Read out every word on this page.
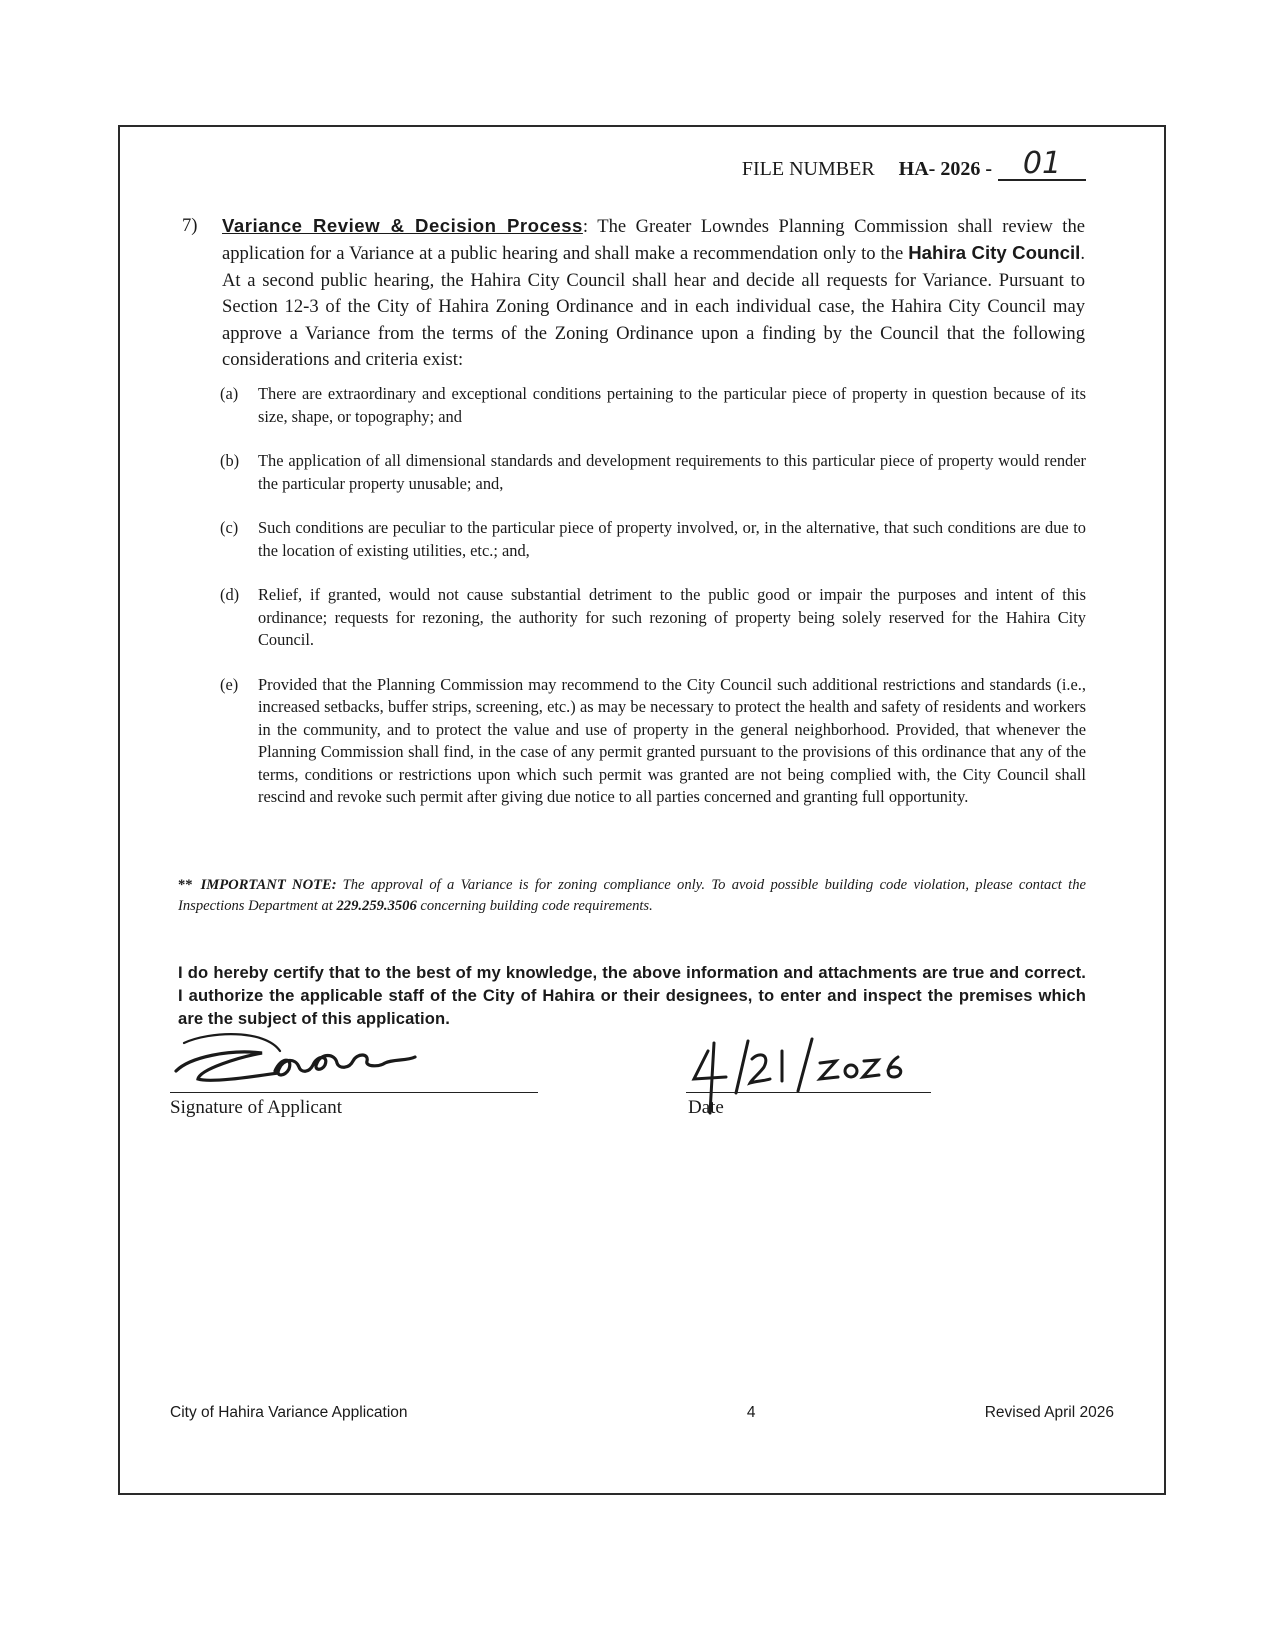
FILE NUMBER HA- 2026 -	01
7) Variance Review & Decision Process: The Greater Lowndes Planning Commission shall review the application for a Variance at a public hearing and shall make a recommendation only to the Hahira City Council. At a second public hearing, the Hahira City Council shall hear and decide all requests for Variance. Pursuant to Section 12-3 of the City of Hahira Zoning Ordinance and in each individual case, the Hahira City Council may approve a Variance from the terms of the Zoning Ordinance upon a finding by the Council that the following considerations and criteria exist:
(a) There are extraordinary and exceptional conditions pertaining to the particular piece of property in question because of its size, shape, or topography; and
(b) The application of all dimensional standards and development requirements to this particular piece of property would render the particular property unusable; and,
(c) Such conditions are peculiar to the particular piece of property involved, or, in the alternative, that such conditions are due to the location of existing utilities, etc.; and,
(d) Relief, if granted, would not cause substantial detriment to the public good or impair the purposes and intent of this ordinance; requests for rezoning, the authority for such rezoning of property being solely reserved for the Hahira City Council.
(e) Provided that the Planning Commission may recommend to the City Council such additional restrictions and standards (i.e., increased setbacks, buffer strips, screening, etc.) as may be necessary to protect the health and safety of residents and workers in the community, and to protect the value and use of property in the general neighborhood. Provided, that whenever the Planning Commission shall find, in the case of any permit granted pursuant to the provisions of this ordinance that any of the terms, conditions or restrictions upon which such permit was granted are not being complied with, the City Council shall rescind and revoke such permit after giving due notice to all parties concerned and granting full opportunity.
** IMPORTANT NOTE: The approval of a Variance is for zoning compliance only. To avoid possible building code violation, please contact the Inspections Department at 229.259.3506 concerning building code requirements.
I do hereby certify that to the best of my knowledge, the above information and attachments are true and correct. I authorize the applicable staff of the City of Hahira or their designees, to enter and inspect the premises which are the subject of this application.
Signature of Applicant	Date
City of Hahira Variance Application	4	Revised April 2026
